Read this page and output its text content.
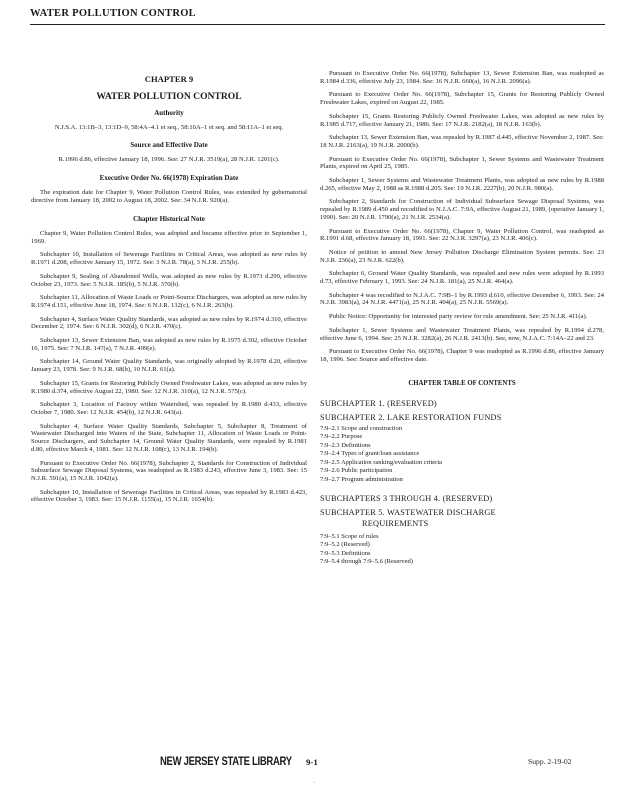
WATER POLLUTION CONTROL
CHAPTER 9
WATER POLLUTION CONTROL
Authority

N.J.S.A. 13:1B–3, 13:1D–9, 58:4A–4.1 et seq., 58:10A–1 et seq. and 58:11A–1 et seq.

Source and Effective Date

R.1996 d.86, effective January 18, 1996. See: 27 N.J.R. 3519(a), 28 N.J.R. 1201(c).

Executive Order No. 66(1978) Expiration Date

The expiration date for Chapter 9, Water Pollution Control Rules, was extended by gubernatorial directive from January 18, 2002 to August 18, 2002. See: 34 N.J.R. 920(a).

Chapter Historical Note

Chapter 9, Water Pollution Control Rules, was adopted and became effective prior to September 1, 1969.

Subchapter 10, Installation of Sewerage Facilities in Critical Areas, was adopted as new rules by R.1971 d.208, effective January 15, 1972. See: 3 N.J.R. 78(a), 3 N.J.R. 255(b).

Subchapter 9, Sealing of Abandoned Wells, was adopted as new rules by R.1973 d.299, effective October 23, 1973. See: 5 N.J.R. 185(b), 5 N.J.R. 370(b).

Subchapter 11, Allocation of Waste Loads or Point-Source Dischargers, was adopted as new rules by R.1974 d.151, effective June 18, 1974. See: 6 N.J.R. 132(c), 6 N.J.R. 263(b).

Subchapter 4, Surface Water Quality Standards, was adopted as new rules by R.1974 d.310, effective December 2, 1974. See: 6 N.J.R. 302(d), 6 N.J.R. 470(c).

Subchapter 13, Sewer Extension Ban, was adopted as new rules by R.1975 d.302, effective October 16, 1975. See: 7 N.J.R. 147(a), 7 N.J.R. 499(e).

Subchapter 14, Ground Water Quality Standards, was originally adopted by R.1978 d.20, effective January 23, 1978. See: 9 N.J.R. 68(b), 10 N.J.R. 61(a).

Subchapter 15, Grants for Restoring Publicly Owned Freshwater Lakes, was adopted as new rules by R.1980 d.374, effective August 22, 1980. See: 12 N.J.R. 310(a), 12 N.J.R. 575(c).

Subchapter 3, Location of Factory within Watershed, was repealed by R.1980 d.433, effective October 7, 1980. See: 12 N.J.R. 454(b), 12 N.J.R. 643(a).

Subchapter 4, Surface Water Quality Standards, Subchapter 5, Subchapter 8, Treatment of Wastewater Discharged into Waters of the State, Subchapter 11, Allocation of Waste Loads or Point-Source Dischargers, and Subchapter 14, Ground Water Quality Standards, were repealed by R.1981 d.80, effective March 4, 1981. See: 12 N.J.R. 108(c), 13 N.J.R. 194(b).

Pursuant to Executive Order No. 66(1978), Subchapter 2, Standards for Construction of Individual Subsurface Sewage Disposal Systems, was readopted as R.1983 d.243, effective June 3, 1983. See: 15 N.J.R. 591(a), 15 N.J.R. 1042(a).

Subchapter 10, Installation of Sewerage Facilities in Critical Areas, was repealed by R.1983 d.423, effective October 3, 1983. See: 15 N.J.R. 1155(a), 15 N.J.R. 1654(b).

Pursuant to Executive Order No. 66(1978), Subchapter 13, Sewer Extension Ban, was readopted as R.1984 d.336, effective July 23, 1984. See: 16 N.J.R. 660(a), 16 N.J.R. 2096(a).

Pursuant to Executive Order No. 66(1978), Subchapter 15, Grants for Restoring Publicly Owned Freshwater Lakes, expired on August 22, 1985.

Subchapter 15, Grants Restoring Publicly Owned Freshwater Lakes, was adopted as new rules by R.1985 d.717, effective January 21, 1986. See: 17 N.J.R. 2182(a), 18 N.J.R. 163(b).

Subchapter 13, Sewer Extension Ban, was repealed by R.1987 d.445, effective November 2, 1987. See: 18 N.J.R. 2163(a), 19 N.J.R. 2000(b).

Pursuant to Executive Order No. 66(1978), Subchapter 1, Sewer Systems and Wastewater Treatment Plants, expired on April 25, 1985.

Subchapter 1, Sewer Systems and Wastewater Treatment Plants, was adopted as new rules by R.1988 d.265, effective May 2, 1988 as R.1988 d.205. See: 19 N.J.R. 2227(b), 20 N.J.R. 980(a).

Subchapter 2, Standards for Construction of Individual Subsurface Sewage Disposal Systems, was repealed by R.1989 d.450 and recodified to N.J.A.C. 7:9A, effective August 21, 1989, (operative January 1, 1990). See: 20 N.J.R. 1790(a), 21 N.J.R. 2534(a).

Pursuant to Executive Order No. 66(1978), Chapter 9, Water Pollution Control, was readopted as R.1991 d.68, effective January 18, 1991. See: 22 N.J.R. 3297(a), 23 N.J.R. 406(c).

Notice of petition to amend New Jersey Pollution Discharge Elimination System permits. See: 23 N.J.R. 236(a), 23 N.J.R. 622(b).

Subchapter 6, Ground Water Quality Standards, was repealed and new rules were adopted by R.1993 d.73, effective February 1, 1993. See: 24 N.J.R. 181(a), 25 N.J.R. 464(a).

Subchapter 4 was recodified to N.J.A.C. 7:9B–1 by R.1993 d.610, effective December 6, 1993. See: 24 N.J.R. 3983(a), 24 N.J.R. 4471(a), 25 N.J.R. 404(a), 25 N.J.R. 5569(a).

Public Notice: Opportunity for interested party review for rule amendment. See: 25 N.J.R. 411(a).

Subchapter 1, Sewer Systems and Wastewater Treatment Plants, was repealed by R.1994 d.278, effective June 6, 1994. See: 25 N.J.R. 3282(a), 26 N.J.R. 2413(b). See, now, N.J.A.C. 7:14A–22 and 23.

Pursuant to Executive Order No. 66(1978), Chapter 9 was readopted as R.1996 d.86, effective January 18, 1996. See: Source and effective date.

CHAPTER TABLE OF CONTENTS
SUBCHAPTER 1. (RESERVED)
SUBCHAPTER 2. LAKE RESTORATION FUNDS
7:9–2.1 Scope and construction
7:9–2.2 Purpose
7:9–2.3 Definitions
7:9–2.4 Types of grant/loan assistance
7:9–2.5 Application ranking/evaluation criteria
7:9–2.6 Public participation
7:9–2.7 Program administration
SUBCHAPTERS 3 THROUGH 4. (RESERVED)
SUBCHAPTER 5. WASTEWATER DISCHARGE
REQUIREMENTS
7:9–5.1 Scope of rules
7:9–5.2 (Reserved)
7:9–5.3 Definitions
7:9–5.4 through 7:9–5.6 (Reserved)
NEW JERSEY STATE LIBRARY 9-1	Supp. 2-19-02
·
